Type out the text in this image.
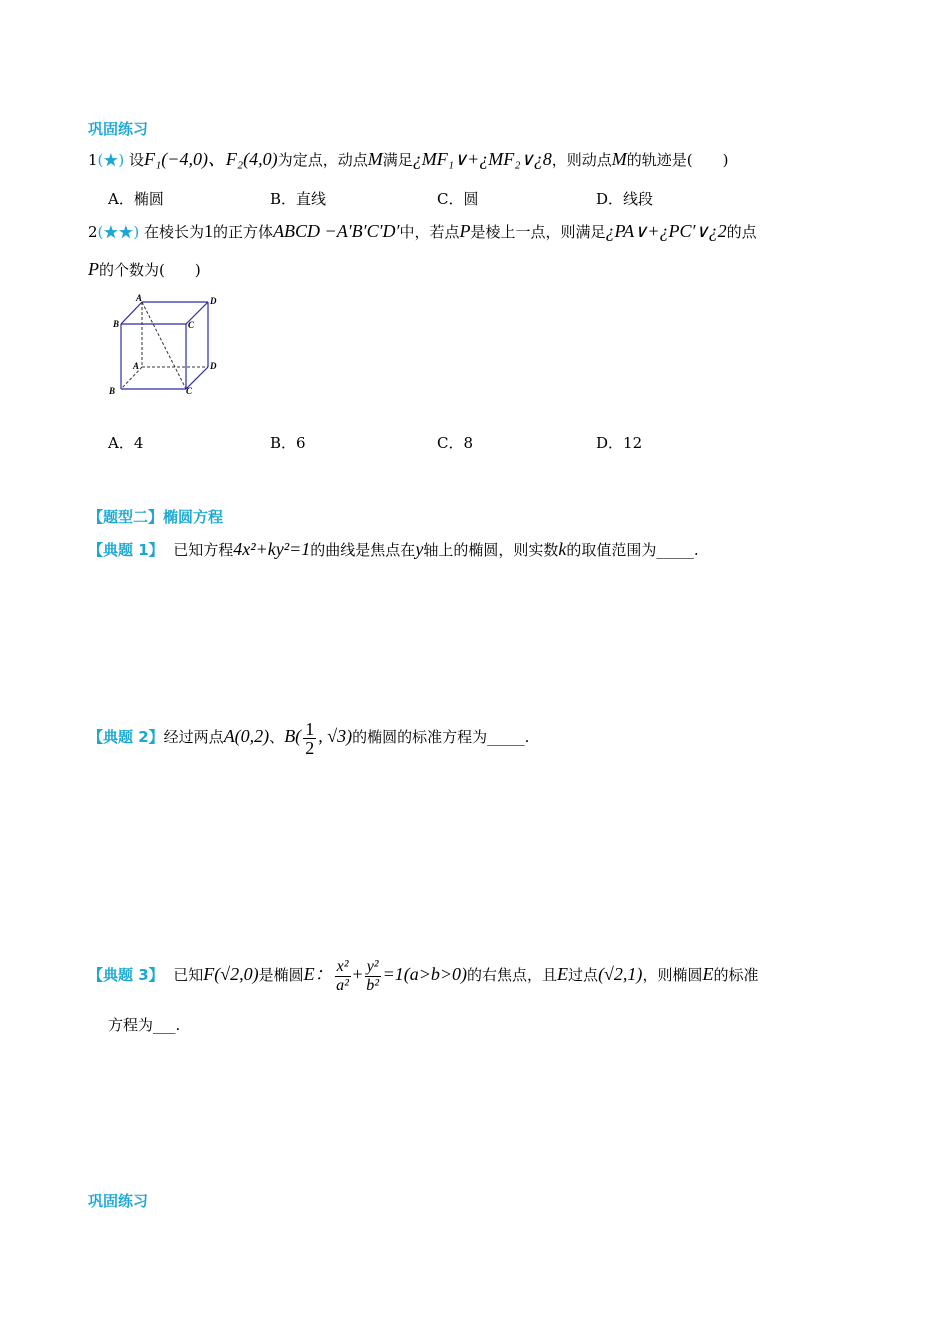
巩固练习
1(★) 设F₁(−4,0)、F₂(4,0)为定点，动点M满足¿MF₁∨+¿MF₂∨¿8，则动点M的轨迹是(　　)
A．椭圆	B．直线	C．圆	D．线段
2(★★) 在棱长为1的正方体ABCD −A′B′C′D′中，若点P是棱上一点，则满足¿PA∨+¿PC′∨¿2的点
P的个数为(　　)
A	D
B	C
A	D
B	C
A．4	B．6	C．8	D．12
【题型二】椭圆方程
【典题 1】 已知方程4x²+ky²=1的曲线是焦点在y轴上的椭圆，则实数k的取值范围为_____.
【典题 2】经过两点A(0,2)、$B( \frac{1}{2}$ , √3)的椭圆的标准方程为_____.
【典题 3】 已知F(√2,0)是椭圆E： $\frac{\text{x²}}{\text{a²}} + \frac{\text{y²}}{\text{b²}} =1(a>b>0)$的右焦点，且E过点(√2,1)，则椭圆E的标准
方程为___.
巩固练习
